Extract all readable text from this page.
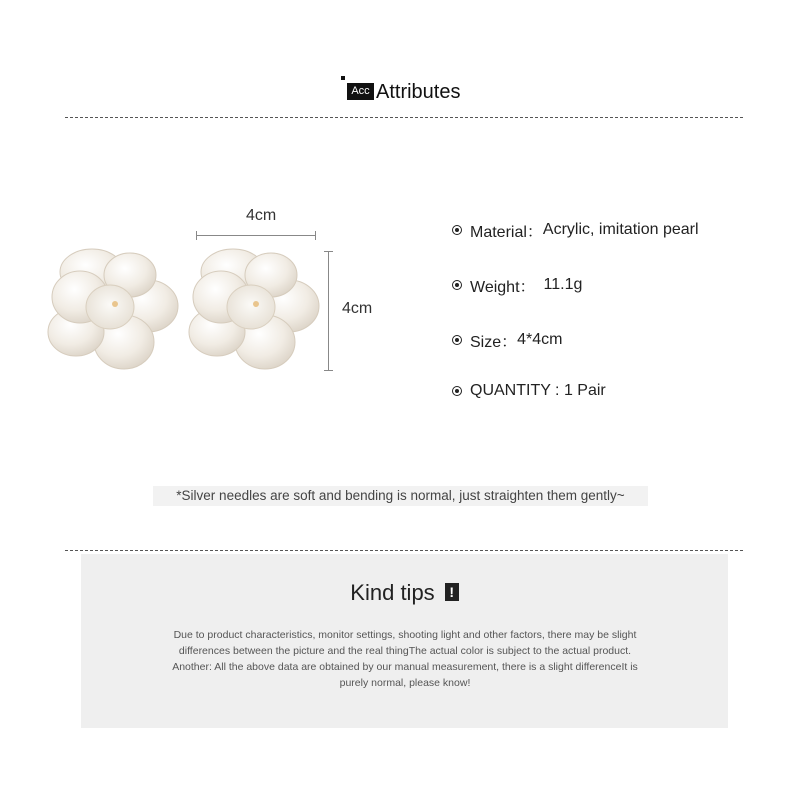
Acc Attributes
4cm
4cm
Material： Acrylic, imitation pearl
Weight： 11.1g
Size： 4*4cm
QUANTITY : 1 Pair
*Silver needles are soft and bending is normal, just straighten them gently~
Kind tips !
Due to product characteristics, monitor settings, shooting light and other factors, there may be slight
differences between the picture and the real thingThe actual color is subject to the actual product.
Another: All the above data are obtained by our manual measurement, there is a slight differenceIt is
purely normal, please know!
